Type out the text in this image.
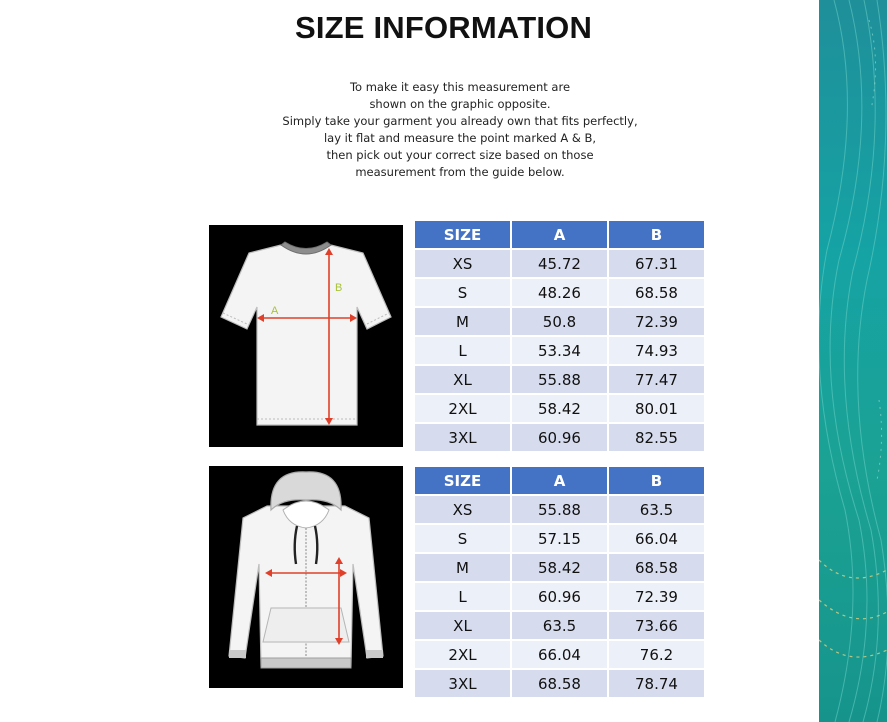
SIZE INFORMATION
To make it easy this measurement are
shown on the graphic opposite.
Simply take your garment you already own that fits perfectly,
lay it flat and measure the point marked A & B,
then pick out your correct size based on those
measurement from the guide below.
A
B
SIZE	A	B
XS	45.72	67.31
S	48.26	68.58
M	50.8	72.39
L	53.34	74.93
XL	55.88	77.47
2XL	58.42	80.01
3XL	60.96	82.55
SIZE	A	B
XS	55.88	63.5
S	57.15	66.04
M	58.42	68.58
L	60.96	72.39
XL	63.5	73.66
2XL	66.04	76.2
3XL	68.58	78.74
